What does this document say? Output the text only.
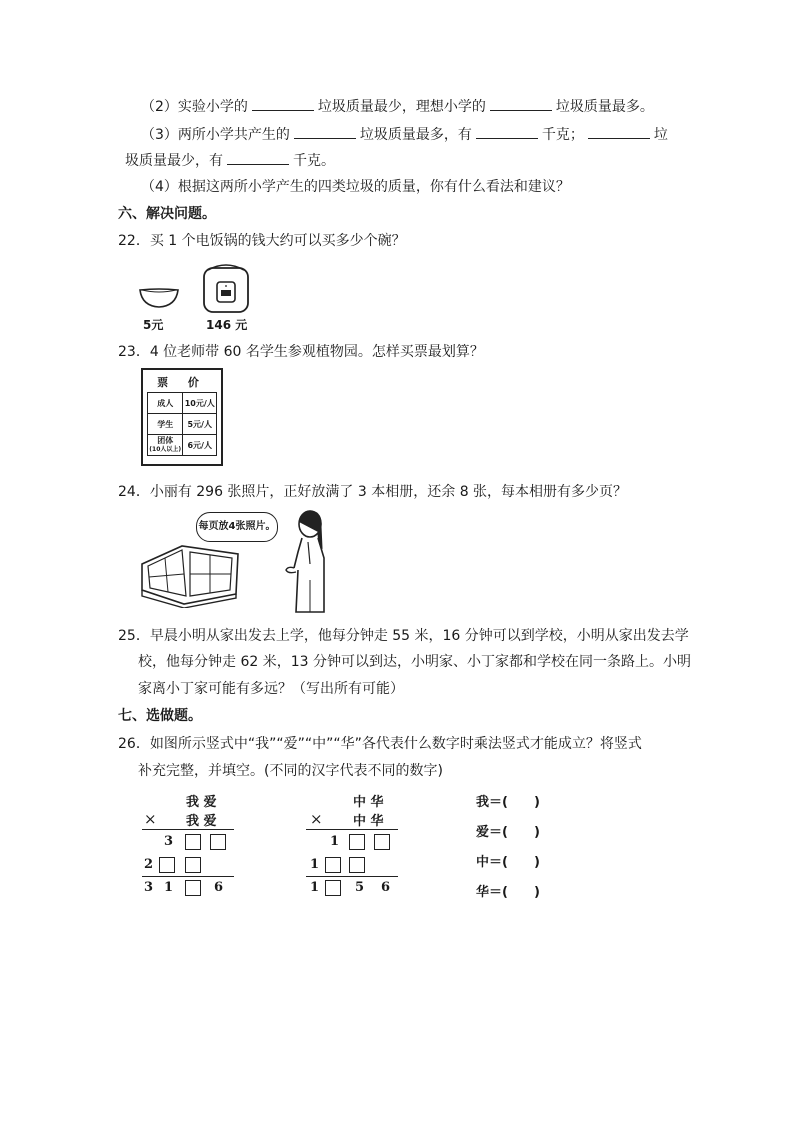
（2）实验小学的	垃圾质量最少，理想小学的	垃圾质量最多。
（3）两所小学共产生的	垃圾质量最多，有	千克；	垃
圾质量最少，有	千克。
（4）根据这两所小学产生的四类垃圾的质量，你有什么看法和建议？
六、解决问题。
22．买 1 个电饭锅的钱大约可以买多少个碗？
5元	146 元
23．4 位老师带 60 名学生参观植物园。怎样买票最划算？
票 价
成人	10元/人
学生	5元/人
团体
(10人以上)	6元/人
24．小丽有 296 张照片，正好放满了 3 本相册，还余 8 张，每本相册有多少页？
每页放4张照片。
25．早晨小明从家出发去上学，他每分钟走 55 米，16 分钟可以到学校，小明从家出发去学
校，他每分钟走 62 米，13 分钟可以到达，小明家、小丁家都和学校在同一条路上。小明
家离小丁家可能有多远？（写出所有可能）
七、选做题。
26．如图所示竖式中“我”“爱”“中”“华”各代表什么数字时乘法竖式才能成立？将竖式
补充完整，并填空。(不同的汉字代表不同的数字)
我 爱
× 我 爱
3
2
3 1	6
中 华
× 中 华
1
1
1	5 6
我＝(　　)
爱＝(　　)
中＝(　　)
华＝(　　)
